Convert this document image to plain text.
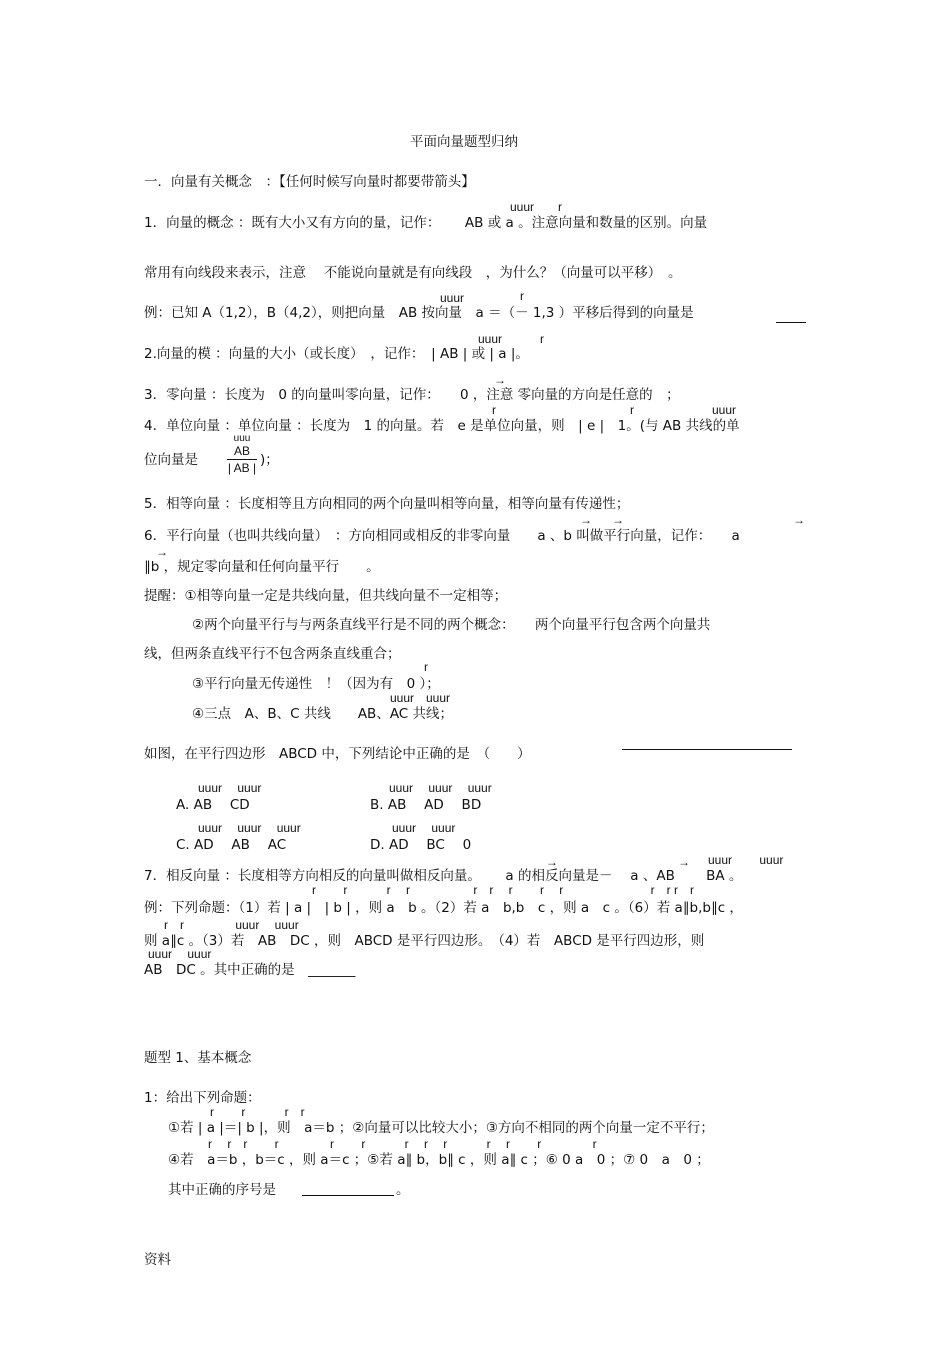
平面向量题型归纳
一．向量有关概念　：【任何时候写向量时都要带箭头】
uuur r
1．向量的概念 ：既有大小又有方向的量，记作：　　 AB 或 a 。注意向量和数量的区别。向量
常用有向线段来表示，注意　 不能说向量就是有向线段　，为什么？（向量可以平移）　。
uuur	r
例：已知 A（1,2），B（4,2），则把向量　AB 按向量　a ＝（－ 1,3 ）平移后得到的向量是
uuur	r
2.向量的模 ：向量的大小（或长度）　，记作：　| AB | 或 | a |。
→
3．零向量 ：长度为　0 的向量叫零向量，记作：　　0 ，注意 零向量的方向是任意的　；
r	r	uuur
4．单位向量 ：单位向量 ：长度为　1 的向量。若　e 是单位向量，则　| e |　1。(与 AB 共线的单
位向量是
uuu
AB
| AB | )；
5．相等向量 ：长度相等且方向相同的两个向量叫相等向量，相等向量有传递性；
→ →	→
6．平行向量（也叫共线向量）　：方向相同或相反的非零向量　　a 、b 叫做平行向量，记作：　　a
→
∥b ，规定零向量和任何向量平行　　。
提醒：①相等向量一定是共线向量，但共线向量不一定相等；
②两个向量平行与与两条直线平行是不同的两个概念：　　两个向量平行包含两个向量共
线，但两条直线平行不包含两条直线重合；
r
③平行向量无传递性　！（因为有　0 ）；
uuur uuur
④三点　A、B、C 共线　　AB、AC 共线；
如图，在平行四边形　ABCD 中，下列结论中正确的是　（　　）
uuur　 uuur	uuur　 uuur　 uuur
A. AB　 CD	B. AB　 AD　 BD
uuur　 uuur　 uuur	uuur　 uuur
C. AD　 AB　 AC	D. AD　 BC　 0
→	→ uuur　　 uuur
7．相反向量 ：长度相等方向相反的向量叫做相反向量。　　 a 的相反向量是－　 a 、AB　　 BA 。
r　　 r　　　 r　 r　　　　　 r　r　 r　　 r　 r　　　　　　　 r　r r　r
例：下列命题：（1）若 | a |　| b | ，则 a　b 。（2）若 a　b,b　c ，则 a　c 。（6）若 a∥b,b∥c ，
r　r　　　　 uuur　 uuur
则 a∥c 。（3）若　AB　DC ，则　ABCD 是平行四边形。　（4）若　ABCD 是平行四边形，则
uuur　 uuur
AB　DC 。其中正确的是　_______
题型 1、基本概念
1：给出下列命题：
r　　 r　　　 r　r
①若 | a |＝| b |，则　a＝b ；②向量可以比较大小；③方向不相同的两个向量一定不平行；
r　 r　r　　 r　　　　 r　　 r　　　 r　 r　 r　　　 r　 r　　 r　　　　 r
④若　a＝b ，b＝c ，则 a＝c ；⑤若 a∥ b，b∥ c ，则 a∥ c ；⑥ 0 a　0 ；⑦ 0　a　0 ；
其中正确的序号是	。
资料
